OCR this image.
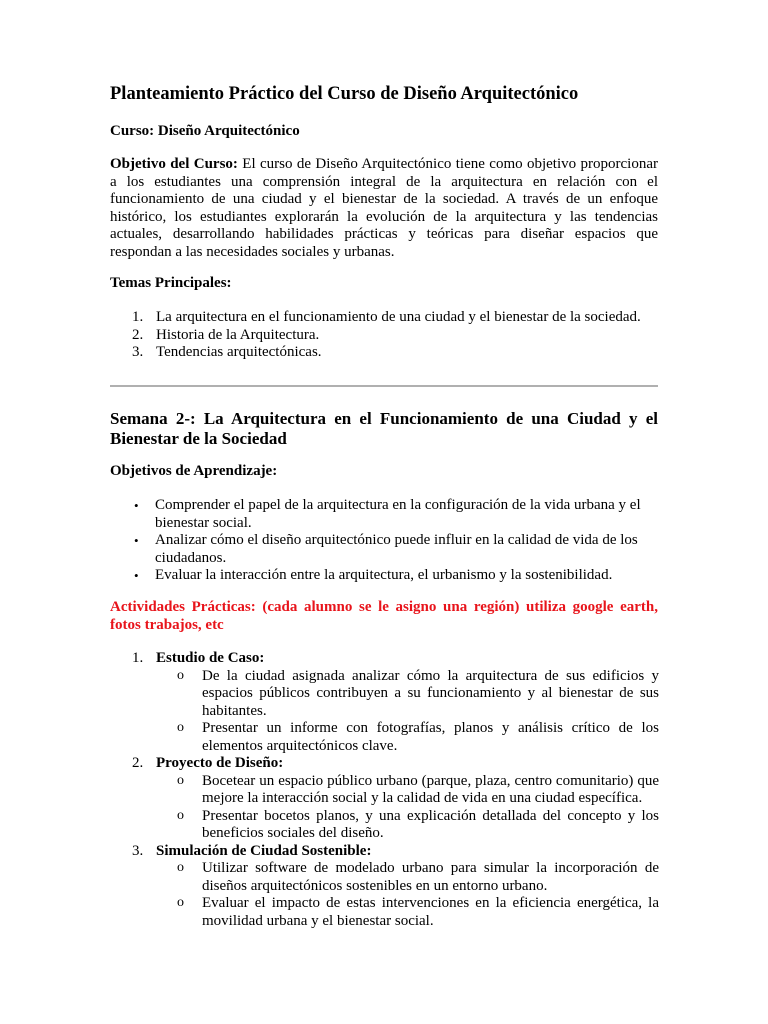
Planteamiento Práctico del Curso de Diseño Arquitectónico
Curso: Diseño Arquitectónico

Objetivo del Curso: El curso de Diseño Arquitectónico tiene como objetivo proporcionar a los estudiantes una comprensión integral de la arquitectura en relación con el funcionamiento de una ciudad y el bienestar de la sociedad. A través de un enfoque histórico, los estudiantes explorarán la evolución de la arquitectura y las tendencias actuales, desarrollando habilidades prácticas y teóricas para diseñar espacios que respondan a las necesidades sociales y urbanas.

Temas Principales:
1. La arquitectura en el funcionamiento de una ciudad y el bienestar de la sociedad.
2. Historia de la Arquitectura.
3. Tendencias arquitectónicas.
Semana 2-: La Arquitectura en el Funcionamiento de una Ciudad y el Bienestar de la Sociedad
Objetivos de Aprendizaje:
• Comprender el papel de la arquitectura en la configuración de la vida urbana y el bienestar social.
• Analizar cómo el diseño arquitectónico puede influir en la calidad de vida de los ciudadanos.
• Evaluar la interacción entre la arquitectura, el urbanismo y la sostenibilidad.

Actividades Prácticas: (cada alumno se le asigno una región) utiliza google earth, fotos trabajos, etc

1. Estudio de Caso:
o De la ciudad asignada analizar cómo la arquitectura de sus edificios y espacios públicos contribuyen a su funcionamiento y al bienestar de sus habitantes.
o Presentar un informe con fotografías, planos y análisis crítico de los elementos arquitectónicos clave.
2. Proyecto de Diseño:
o Bocetear un espacio público urbano (parque, plaza, centro comunitario) que mejore la interacción social y la calidad de vida en una ciudad específica.
o Presentar bocetos planos, y una explicación detallada del concepto y los beneficios sociales del diseño.
3. Simulación de Ciudad Sostenible:
o Utilizar software de modelado urbano para simular la incorporación de diseños arquitectónicos sostenibles en un entorno urbano.
o Evaluar el impacto de estas intervenciones en la eficiencia energética, la movilidad urbana y el bienestar social.
